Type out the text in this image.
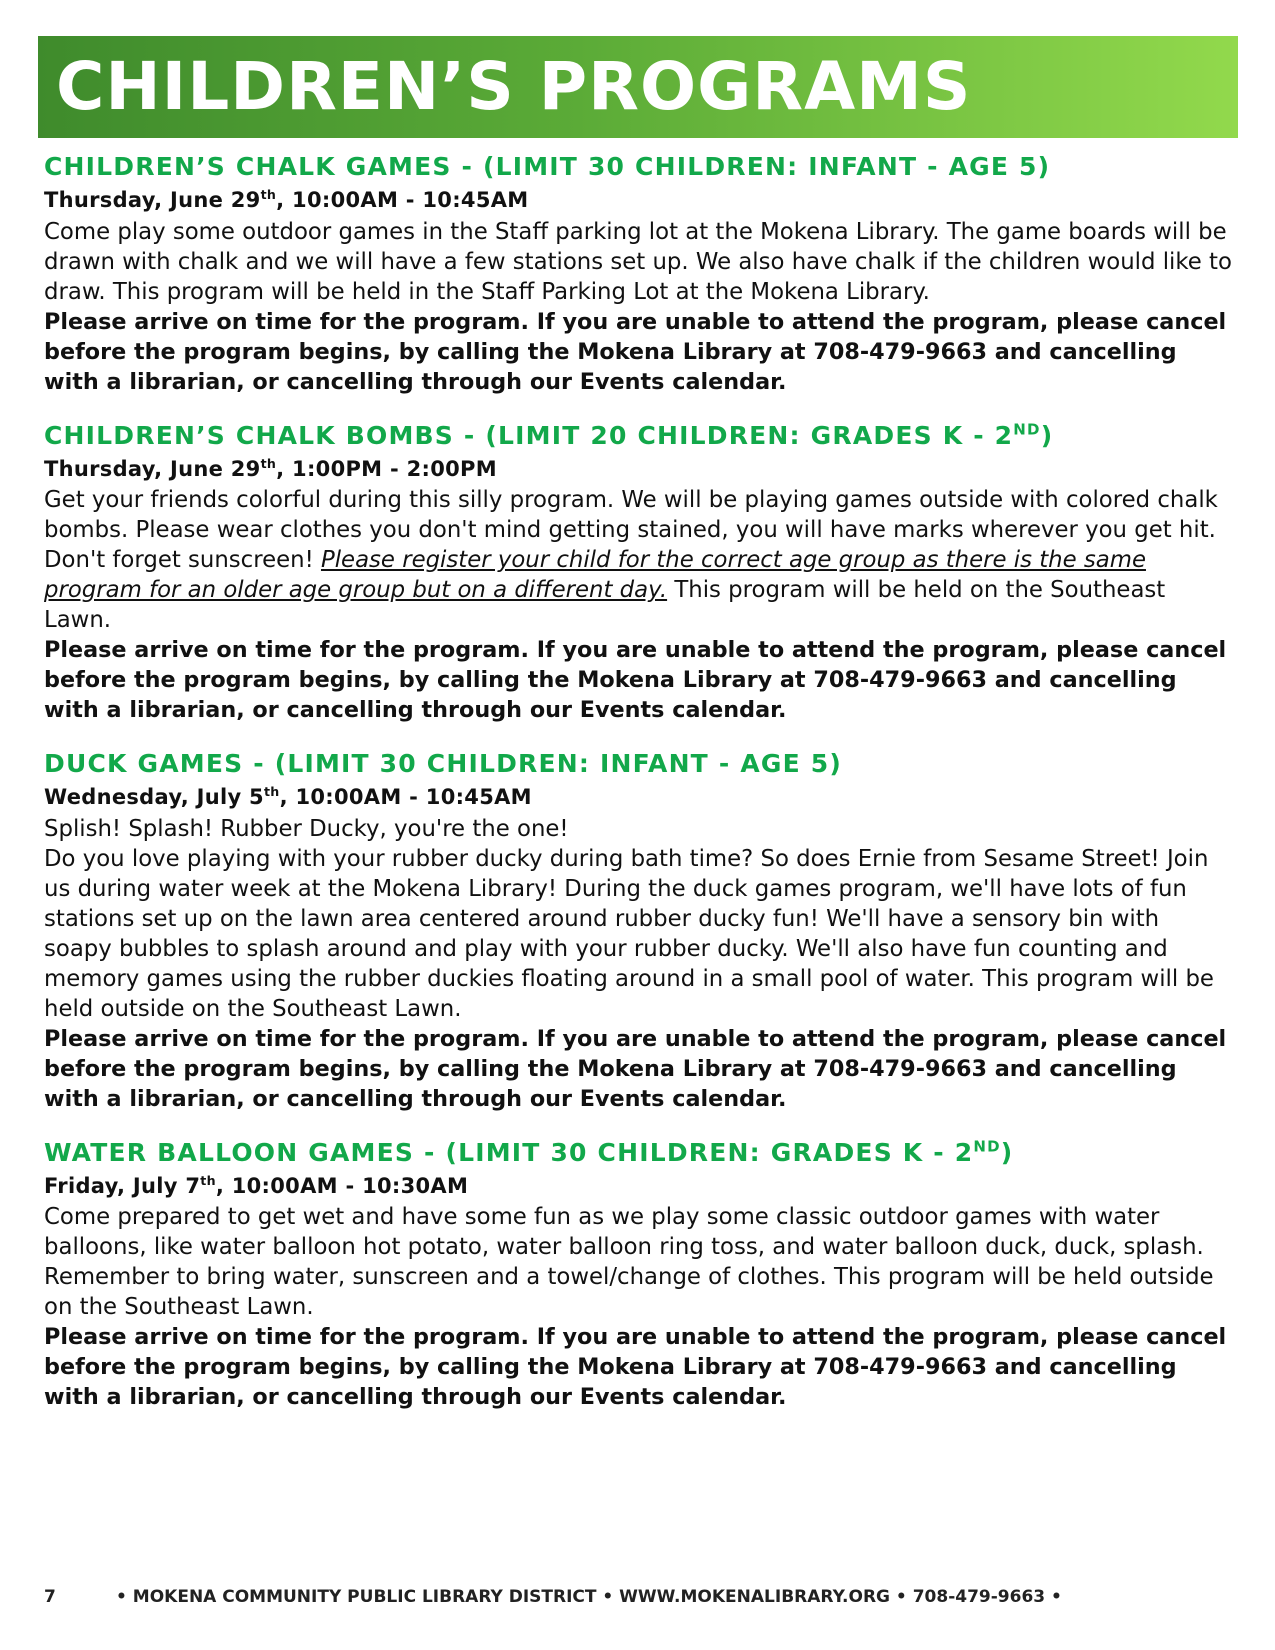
CHILDREN’S PROGRAMS
CHILDREN’S CHALK GAMES - (LIMIT 30 CHILDREN: INFANT - AGE 5)

Thursday, June 29th, 10:00AM - 10:45AM

Come play some outdoor games in the Staff parking lot at the Mokena Library. The game boards will be drawn with chalk and we will have a few stations set up. We also have chalk if the children would like to draw. This program will be held in the Staff Parking Lot at the Mokena Library.

Please arrive on time for the program. If you are unable to attend the program, please cancel before the program begins, by calling the Mokena Library at 708-479-9663 and cancelling with a librarian, or cancelling through our Events calendar.

CHILDREN’S CHALK BOMBS - (LIMIT 20 CHILDREN: GRADES K - 2ND)

Thursday, June 29th, 1:00PM - 2:00PM

Get your friends colorful during this silly program. We will be playing games outside with colored chalk bombs. Please wear clothes you don't mind getting stained, you will have marks wherever you get hit. Don't forget sunscreen! Please register your child for the correct age group as there is the same program for an older age group but on a different day. This program will be held on the Southeast Lawn.

Please arrive on time for the program. If you are unable to attend the program, please cancel before the program begins, by calling the Mokena Library at 708-479-9663 and cancelling with a librarian, or cancelling through our Events calendar.

DUCK GAMES - (LIMIT 30 CHILDREN: INFANT - AGE 5)

Wednesday, July 5th, 10:00AM - 10:45AM

Splish! Splash! Rubber Ducky, you're the one!

Do you love playing with your rubber ducky during bath time? So does Ernie from Sesame Street! Join us during water week at the Mokena Library! During the duck games program, we'll have lots of fun stations set up on the lawn area centered around rubber ducky fun! We'll have a sensory bin with soapy bubbles to splash around and play with your rubber ducky. We'll also have fun counting and memory games using the rubber duckies floating around in a small pool of water. This program will be held outside on the Southeast Lawn.

Please arrive on time for the program. If you are unable to attend the program, please cancel before the program begins, by calling the Mokena Library at 708-479-9663 and cancelling with a librarian, or cancelling through our Events calendar.

WATER BALLOON GAMES - (LIMIT 30 CHILDREN: GRADES K - 2ND)

Friday, July 7th, 10:00AM - 10:30AM

Come prepared to get wet and have some fun as we play some classic outdoor games with water balloons, like water balloon hot potato, water balloon ring toss, and water balloon duck, duck, splash. Remember to bring water, sunscreen and a towel/change of clothes. This program will be held outside on the Southeast Lawn.

Please arrive on time for the program. If you are unable to attend the program, please cancel before the program begins, by calling the Mokena Library at 708-479-9663 and cancelling with a librarian, or cancelling through our Events calendar.

7	• MOKENA COMMUNITY PUBLIC LIBRARY DISTRICT • WWW.MOKENALIBRARY.ORG • 708-479-9663 •
